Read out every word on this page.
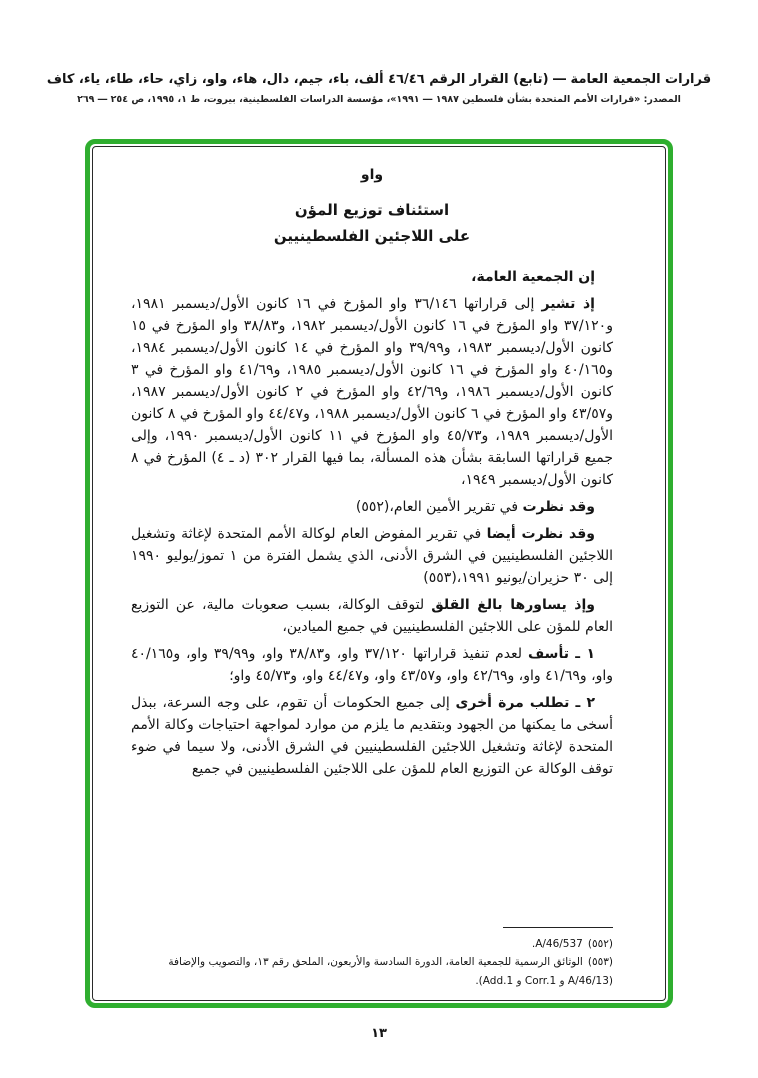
قرارات الجمعية العامة ― (تابع) القرار الرقم ٤٦/٤٦ ألف، باء، جيم، دال، هاء، واو، زاي، حاء، طاء، ياء، كاف
المصدر: «قرارات الأمم المتحدة بشأن فلسطين ١٩٨٧ ― ١٩٩١»، مؤسسة الدراسات الفلسطينية، بيروت، ط ١، ١٩٩٥، ص ٢٥٤ ― ٢٦٩
واو
استئناف توزيع المؤن
على اللاجئين الفلسطينيين

إن الجمعية العامة،

إذ تشير إلى قراراتها ٣٦/١٤٦ واو المؤرخ في ١٦ كانون الأول/ديسمبر ١٩٨١، و٣٧/١٢٠ واو المؤرخ في ١٦ كانون الأول/ديسمبر ١٩٨٢، و٣٨/٨٣ واو المؤرخ في ١٥ كانون الأول/ديسمبر ١٩٨٣، و٣٩/٩٩ واو المؤرخ في ١٤ كانون الأول/ديسمبر ١٩٨٤، و٤٠/١٦٥ واو المؤرخ في ١٦ كانون الأول/ديسمبر ١٩٨٥، و٤١/٦٩ واو المؤرخ في ٣ كانون الأول/ديسمبر ١٩٨٦، و٤٢/٦٩ واو المؤرخ في ٢ كانون الأول/ديسمبر ١٩٨٧، و٤٣/٥٧ واو المؤرخ في ٦ كانون الأول/ديسمبر ١٩٨٨، و٤٤/٤٧ واو المؤرخ في ٨ كانون الأول/ديسمبر ١٩٨٩، و٤٥/٧٣ واو المؤرخ في ١١ كانون الأول/ديسمبر ١٩٩٠، وإلى جميع قراراتها السابقة بشأن هذه المسألة، بما فيها القرار ٣٠٢ (د ـ ٤) المؤرخ في ٨ كانون الأول/ديسمبر ١٩٤٩،

وقد نظرت في تقرير الأمين العام،(٥٥٢)

وقد نظرت أيضا في تقرير المفوض العام لوكالة الأمم المتحدة لإغاثة وتشغيل اللاجئين الفلسطينيين في الشرق الأدنى، الذي يشمل الفترة من ١ تموز/يوليو ١٩٩٠ إلى ٣٠ حزيران/يونيو ١٩٩١،(٥٥٣)

وإذ يساورها بالغ القلق لتوقف الوكالة، بسبب صعوبات مالية، عن التوزيع العام للمؤن على اللاجئين الفلسطينيين في جميع الميادين،

١ ـ تأسف لعدم تنفيذ قراراتها ٣٧/١٢٠ واو، و٣٨/٨٣ واو، و٣٩/٩٩ واو، و٤٠/١٦٥ واو، و٤١/٦٩ واو، و٤٢/٦٩ واو، و٤٣/٥٧ واو، و٤٤/٤٧ واو، و٤٥/٧٣ واو؛

٢ ـ تطلب مرة أخرى إلى جميع الحكومات أن تقوم، على وجه السرعة، ببذل أسخى ما يمكنها من الجهود وبتقديم ما يلزم من موارد لمواجهة احتياجات وكالة الأمم المتحدة لإغاثة وتشغيل اللاجئين الفلسطينيين في الشرق الأدنى، ولا سيما في ضوء توقف الوكالة عن التوزيع العام للمؤن على اللاجئين الفلسطينيين في جميع

(٥٥٢)A/46/537.
(٥٥٣)الوثائق الرسمية للجمعية العامة، الدورة السادسة والأربعون، الملحق رقم ١٣، والتصويب والإضافة (A/46/13 و Corr.1 و Add.1).
١٣
